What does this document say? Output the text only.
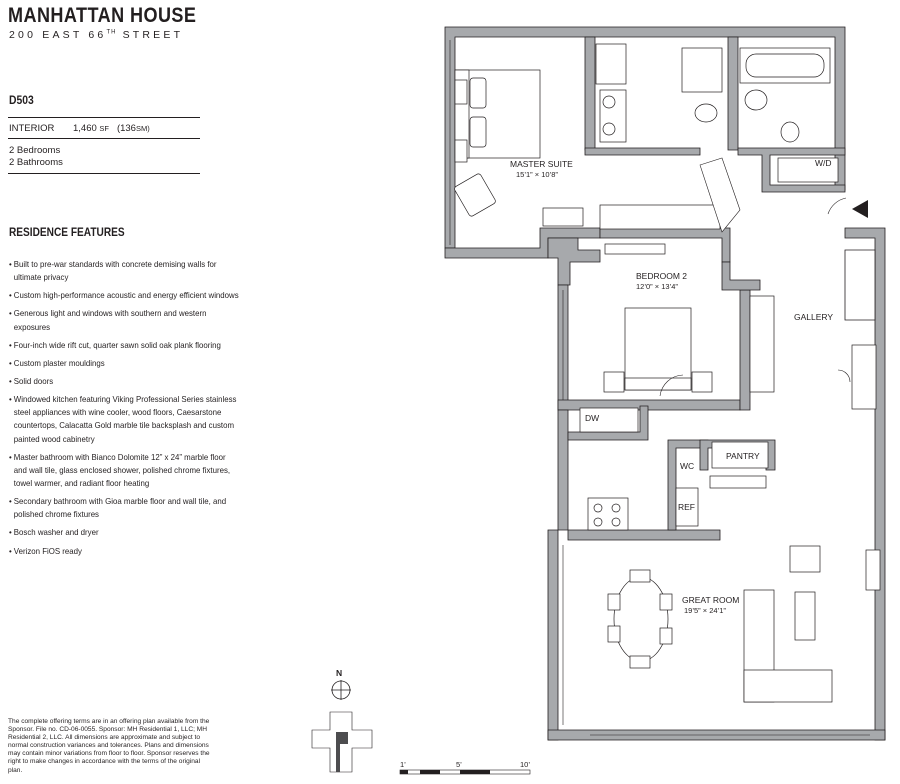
MANHATTAN HOUSE
200 EAST 66TH STREET
D503
INTERIOR 1,460 SF (136SM)
2 Bedrooms
2 Bathrooms
RESIDENCE FEATURES
• Built to pre-war standards with concrete demising walls for ultimate privacy
• Custom high-performance acoustic and energy efficient windows
• Generous light and windows with southern and western exposures
• Four-inch wide rift cut, quarter sawn solid oak plank flooring
• Custom plaster mouldings
• Solid doors
• Windowed kitchen featuring Viking Professional Series stainless steel appliances with wine cooler, wood floors, Caesarstone countertops, Calacatta Gold marble tile backsplash and custom painted wood cabinetry
• Master bathroom with Bianco Dolomite 12” x 24” marble floor and wall tile, glass enclosed shower, polished chrome fixtures, towel warmer, and radiant floor heating
• Secondary bathroom with Gioa marble floor and wall tile, and polished chrome fixtures
• Bosch washer and dryer
• Verizon FiOS ready
The complete offering terms are in an offering plan available from the Sponsor. File no. CD-06-0055. Sponsor: MH Residential 1, LLC; MH Residential 2, LLC. All dimensions are approximate and subject to normal construction variances and tolerances. Plans and dimensions may contain minor variations from floor to floor. Sponsor reserves the right to make changes in accordance with the terms of the original plan.
MASTER SUITE
15’1” × 10’8”
BEDROOM 2
12’0” × 13’4”
GALLERY
GREAT ROOM
19’5” × 24’1”
PANTRY
WC
REF
DW
W/D
N
1’	5’	10’
